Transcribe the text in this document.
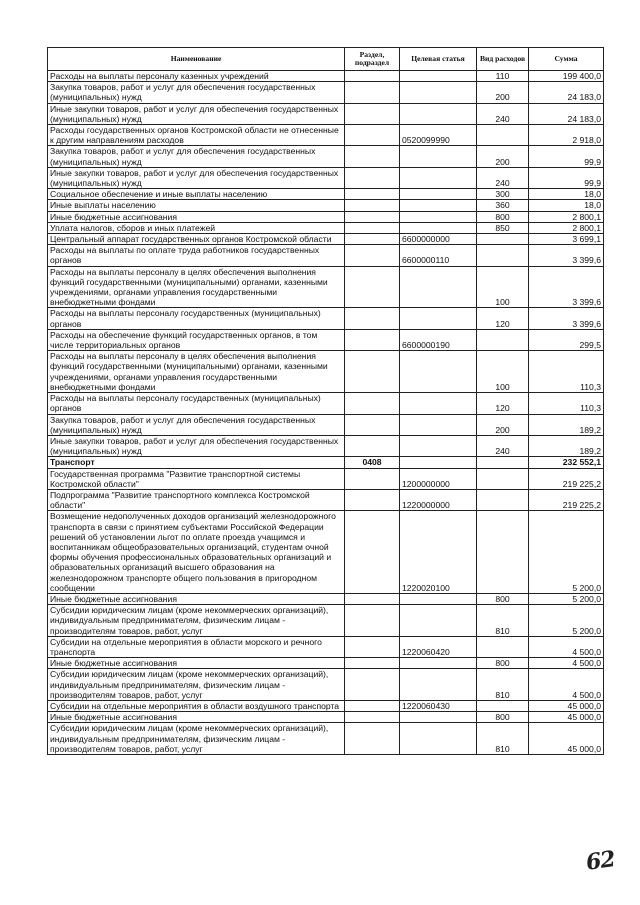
Наименование	Раздел, подраздел	Целевая статья	Вид расходов	Сумма
Расходы на выплаты персоналу казенных учреждений			110	199 400,0
Закупка товаров, работ и услуг для обеспечения государственных (муниципальных) нужд			200	24 183,0
Иные закупки товаров, работ и услуг для обеспечения государственных (муниципальных) нужд			240	24 183,0
Расходы государственных органов Костромской области не отнесенные к другим направлениям расходов		0520099990		2 918,0
Закупка товаров, работ и услуг для обеспечения государственных (муниципальных) нужд			200	99,9
Иные закупки товаров, работ и услуг для обеспечения государственных (муниципальных) нужд			240	99,9
Социальное обеспечение и иные выплаты населению			300	18,0
Иные выплаты населению			360	18,0
Иные бюджетные ассигнования			800	2 800,1
Уплата налогов, сборов и иных платежей			850	2 800,1
Центральный аппарат государственных органов Костромской области		6600000000		3 699,1
Расходы на выплаты по оплате труда работников государственных органов		6600000110		3 399,6
Расходы на выплаты персоналу в целях обеспечения выполнения функций государственными (муниципальными) органами, казенными учреждениями, органами управления государственными внебюджетными фондами			100	3 399,6
Расходы на выплаты персоналу государственных (муниципальных) органов			120	3 399,6
Расходы на обеспечение функций государственных органов, в том числе территориальных органов		6600000190		299,5
Расходы на выплаты персоналу в целях обеспечения выполнения функций государственными (муниципальными) органами, казенными учреждениями, органами управления государственными внебюджетными фондами			100	110,3
Расходы на выплаты персоналу государственных (муниципальных) органов			120	110,3
Закупка товаров, работ и услуг для обеспечения государственных (муниципальных) нужд			200	189,2
Иные закупки товаров, работ и услуг для обеспечения государственных (муниципальных) нужд			240	189,2
Транспорт	0408			232 552,1
Государственная программа "Развитие транспортной системы Костромской области"		1200000000		219 225,2
Подпрограмма "Развитие транспортного комплекса Костромской области"		1220000000		219 225,2
Возмещение недополученных доходов организаций железнодорожного транспорта в связи с принятием субъектами Российской Федерации решений об установлении льгот по оплате проезда учащимся и воспитанникам общеобразовательных организаций, студентам очной формы обучения профессиональных образовательных организаций и образовательных организаций высшего образования на железнодорожном транспорте общего пользования в пригородном сообщении		1220020100		5 200,0
Иные бюджетные ассигнования			800	5 200,0
Субсидии юридическим лицам (кроме некоммерческих организаций), индивидуальным предпринимателям, физическим лицам - производителям товаров, работ, услуг			810	5 200,0
Субсидии на отдельные мероприятия в области морского и речного транспорта		1220060420		4 500,0
Иные бюджетные ассигнования			800	4 500,0
Субсидии юридическим лицам (кроме некоммерческих организаций), индивидуальным предпринимателям, физическим лицам - производителям товаров, работ, услуг			810	4 500,0
Субсидии на отдельные мероприятия в области воздушного транспорта		1220060430		45 000,0
Иные бюджетные ассигнования			800	45 000,0
Субсидии юридическим лицам (кроме некоммерческих организаций), индивидуальным предпринимателям, физическим лицам - производителям товаров, работ, услуг			810	45 000,0
62
